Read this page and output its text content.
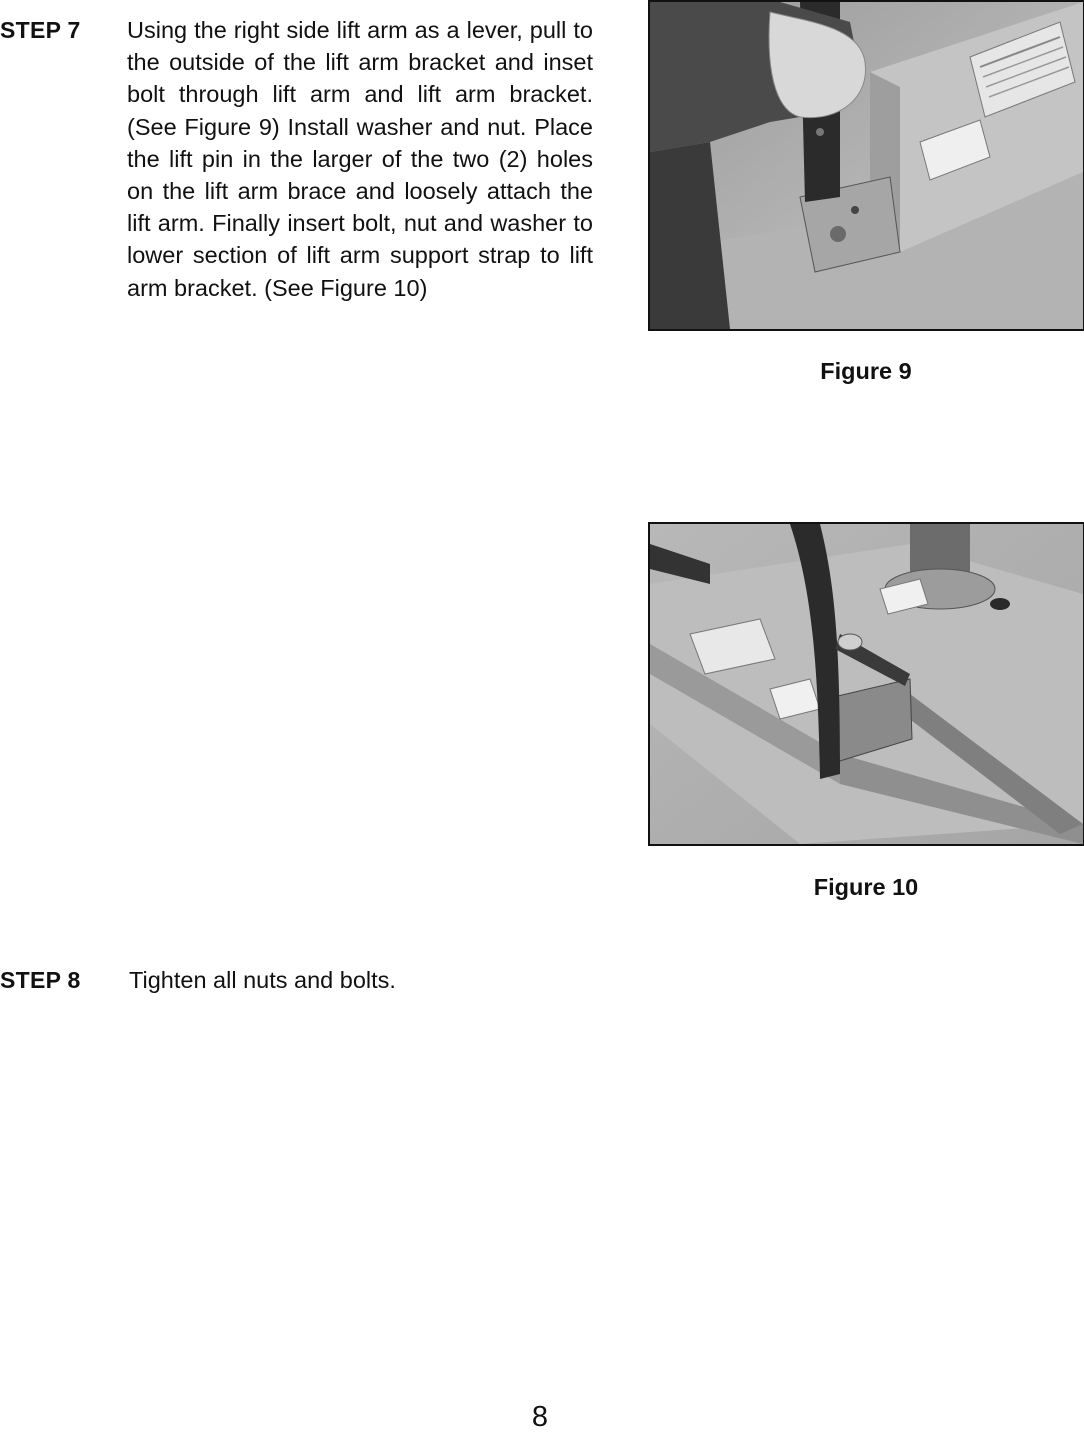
STEP 7 Using the right side lift arm as a lever, pull to the outside of the lift arm bracket and inset bolt through lift arm and lift arm bracket. (See Figure 9) Install washer and nut. Place the lift pin in the larger of the two (2) holes on the lift arm brace and loosely attach the lift arm. Finally insert bolt, nut and washer to lower section of lift arm support strap to lift arm bracket. (See Figure 10)

Figure 9
Figure 10
STEP 8 Tighten all nuts and bolts.

8
